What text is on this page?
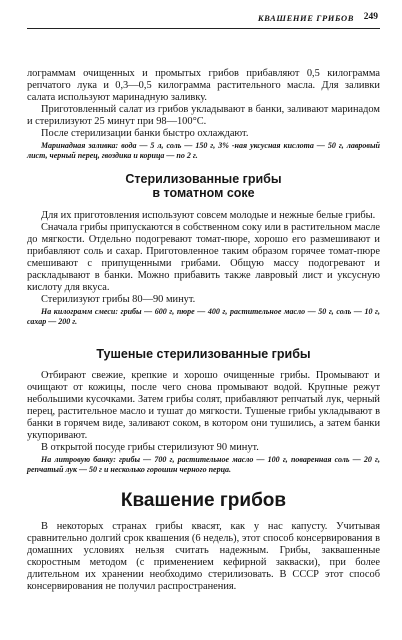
КВАШЕНИЕ ГРИБОВ 249

лограммам очищенных и промытых грибов прибавляют 0,5 килограмма репчатого лука и 0,3—0,5 килограмма растительного масла. Для заливки салата используют маринадную заливку.

Приготовленный салат из грибов укладывают в банки, заливают маринадом и стерилизуют 25 минут при 98—100°С.

После стерилизации банки быстро охлаждают.

Маринадная заливка: вода — 5 л, соль — 150 г, 3% -ная уксусная кислота — 50 г, лавровый лист, черный перец, гвоздика и корица — по 2 г.

Стерилизованные грибы

в томатном соке

Для их приготовления используют совсем молодые и нежные белые грибы.

Сначала грибы припускаются в собственном соку или в растительном масле до мягкости. Отдельно подогревают томат-пюре, хорошо его размешивают и прибавляют соль и сахар. Приготовленное таким образом горячее томат-пюре смешивают с припущенными грибами. Общую массу подогревают и раскладывают в банки. Можно прибавить также лавровый лист и уксусную кислоту для вкуса.

Стерилизуют грибы 80—90 минут.

На килограмм смеси: грибы — 600 г, пюре — 400 г, растительное масло — 50 г, соль — 10 г, сахар — 200 г.

Тушеные стерилизованные грибы

Отбирают свежие, крепкие и хорошо очищенные грибы. Промывают и очищают от кожицы, после чего снова промывают водой. Крупные режут небольшими кусочками. Затем грибы солят, прибавляют репчатый лук, черный перец, растительное масло и тушат до мягкости. Тушеные грибы укладывают в банки в горячем виде, заливают соком, в котором они тушились, а затем банки укупоривают.

В открытой посуде грибы стерилизуют 90 минут.

На литровую банку: грибы — 700 г, растительное масло — 100 г, поваренная соль — 20 г, репчатый лук — 50 г и несколько горошин черного перца.

Квашение грибов

В некоторых странах грибы квасят, как у нас капусту. Учитывая сравнительно долгий срок квашения (6 недель), этот способ консервирования в домашних условиях нельзя считать надежным. Грибы, заквашенные скоростным методом (с применением кефирной закваски), при более длительном их хранении необходимо стерилизовать. В СССР этот способ консервирования не получил распространения.
